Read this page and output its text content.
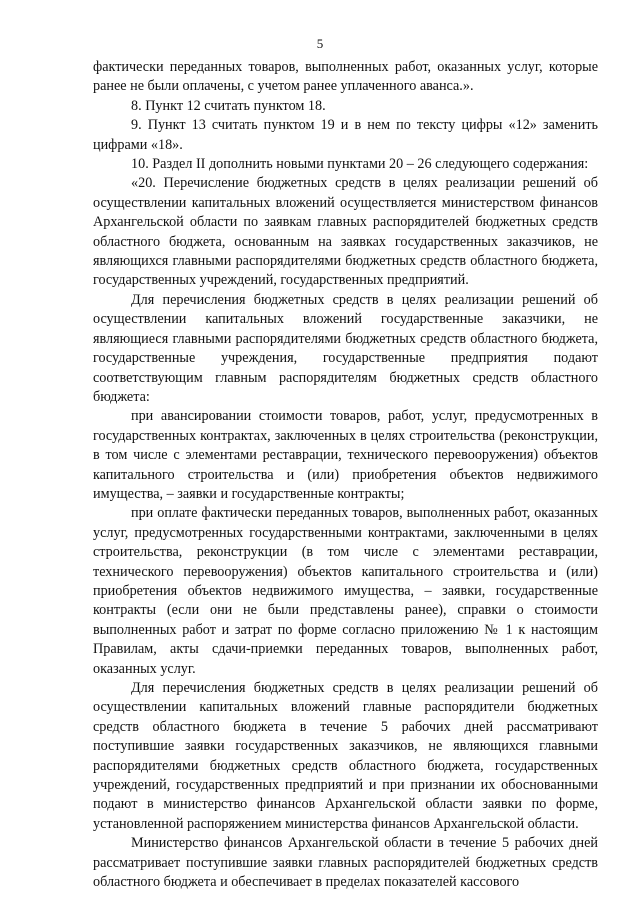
5

фактически переданных товаров, выполненных работ, оказанных услуг, которые ранее не были оплачены, с учетом ранее уплаченного аванса.».

8. Пункт 12 считать пунктом 18.

9. Пункт 13 считать пунктом 19 и в нем по тексту цифры «12» заменить цифрами «18».

10. Раздел II дополнить новыми пунктами 20 – 26 следующего содержания:

«20. Перечисление бюджетных средств в целях реализации решений об осуществлении капитальных вложений осуществляется министерством финансов Архангельской области по заявкам главных распорядителей бюджетных средств областного бюджета, основанным на заявках государственных заказчиков, не являющихся главными распорядителями бюджетных средств областного бюджета, государственных учреждений, государственных предприятий.

Для перечисления бюджетных средств в целях реализации решений об осуществлении капитальных вложений государственные заказчики, не являющиеся главными распорядителями бюджетных средств областного бюджета, государственные учреждения, государственные предприятия подают соответствующим главным распорядителям бюджетных средств областного бюджета:

при авансировании стоимости товаров, работ, услуг, предусмотренных в государственных контрактах, заключенных в целях строительства (реконструкции, в том числе с элементами реставрации, технического перевооружения) объектов капитального строительства и (или) приобретения объектов недвижимого имущества, – заявки и государственные контракты;

при оплате фактически переданных товаров, выполненных работ, оказанных услуг, предусмотренных государственными контрактами, заключенными в целях строительства, реконструкции (в том числе с элементами реставрации, технического перевооружения) объектов капитального строительства и (или) приобретения объектов недвижимого имущества, – заявки, государственные контракты (если они не были представлены ранее), справки о стоимости выполненных работ и затрат по форме согласно приложению № 1 к настоящим Правилам, акты сдачи-приемки переданных товаров, выполненных работ, оказанных услуг.

Для перечисления бюджетных средств в целях реализации решений об осуществлении капитальных вложений главные распорядители бюджетных средств областного бюджета в течение 5 рабочих дней рассматривают поступившие заявки государственных заказчиков, не являющихся главными распорядителями бюджетных средств областного бюджета, государственных учреждений, государственных предприятий и при признании их обоснованными подают в министерство финансов Архангельской области заявки по форме, установленной распоряжением министерства финансов Архангельской области.

Министерство финансов Архангельской области в течение 5 рабочих дней рассматривает поступившие заявки главных распорядителей бюджетных средств областного бюджета и обеспечивает в пределах показателей кассового
